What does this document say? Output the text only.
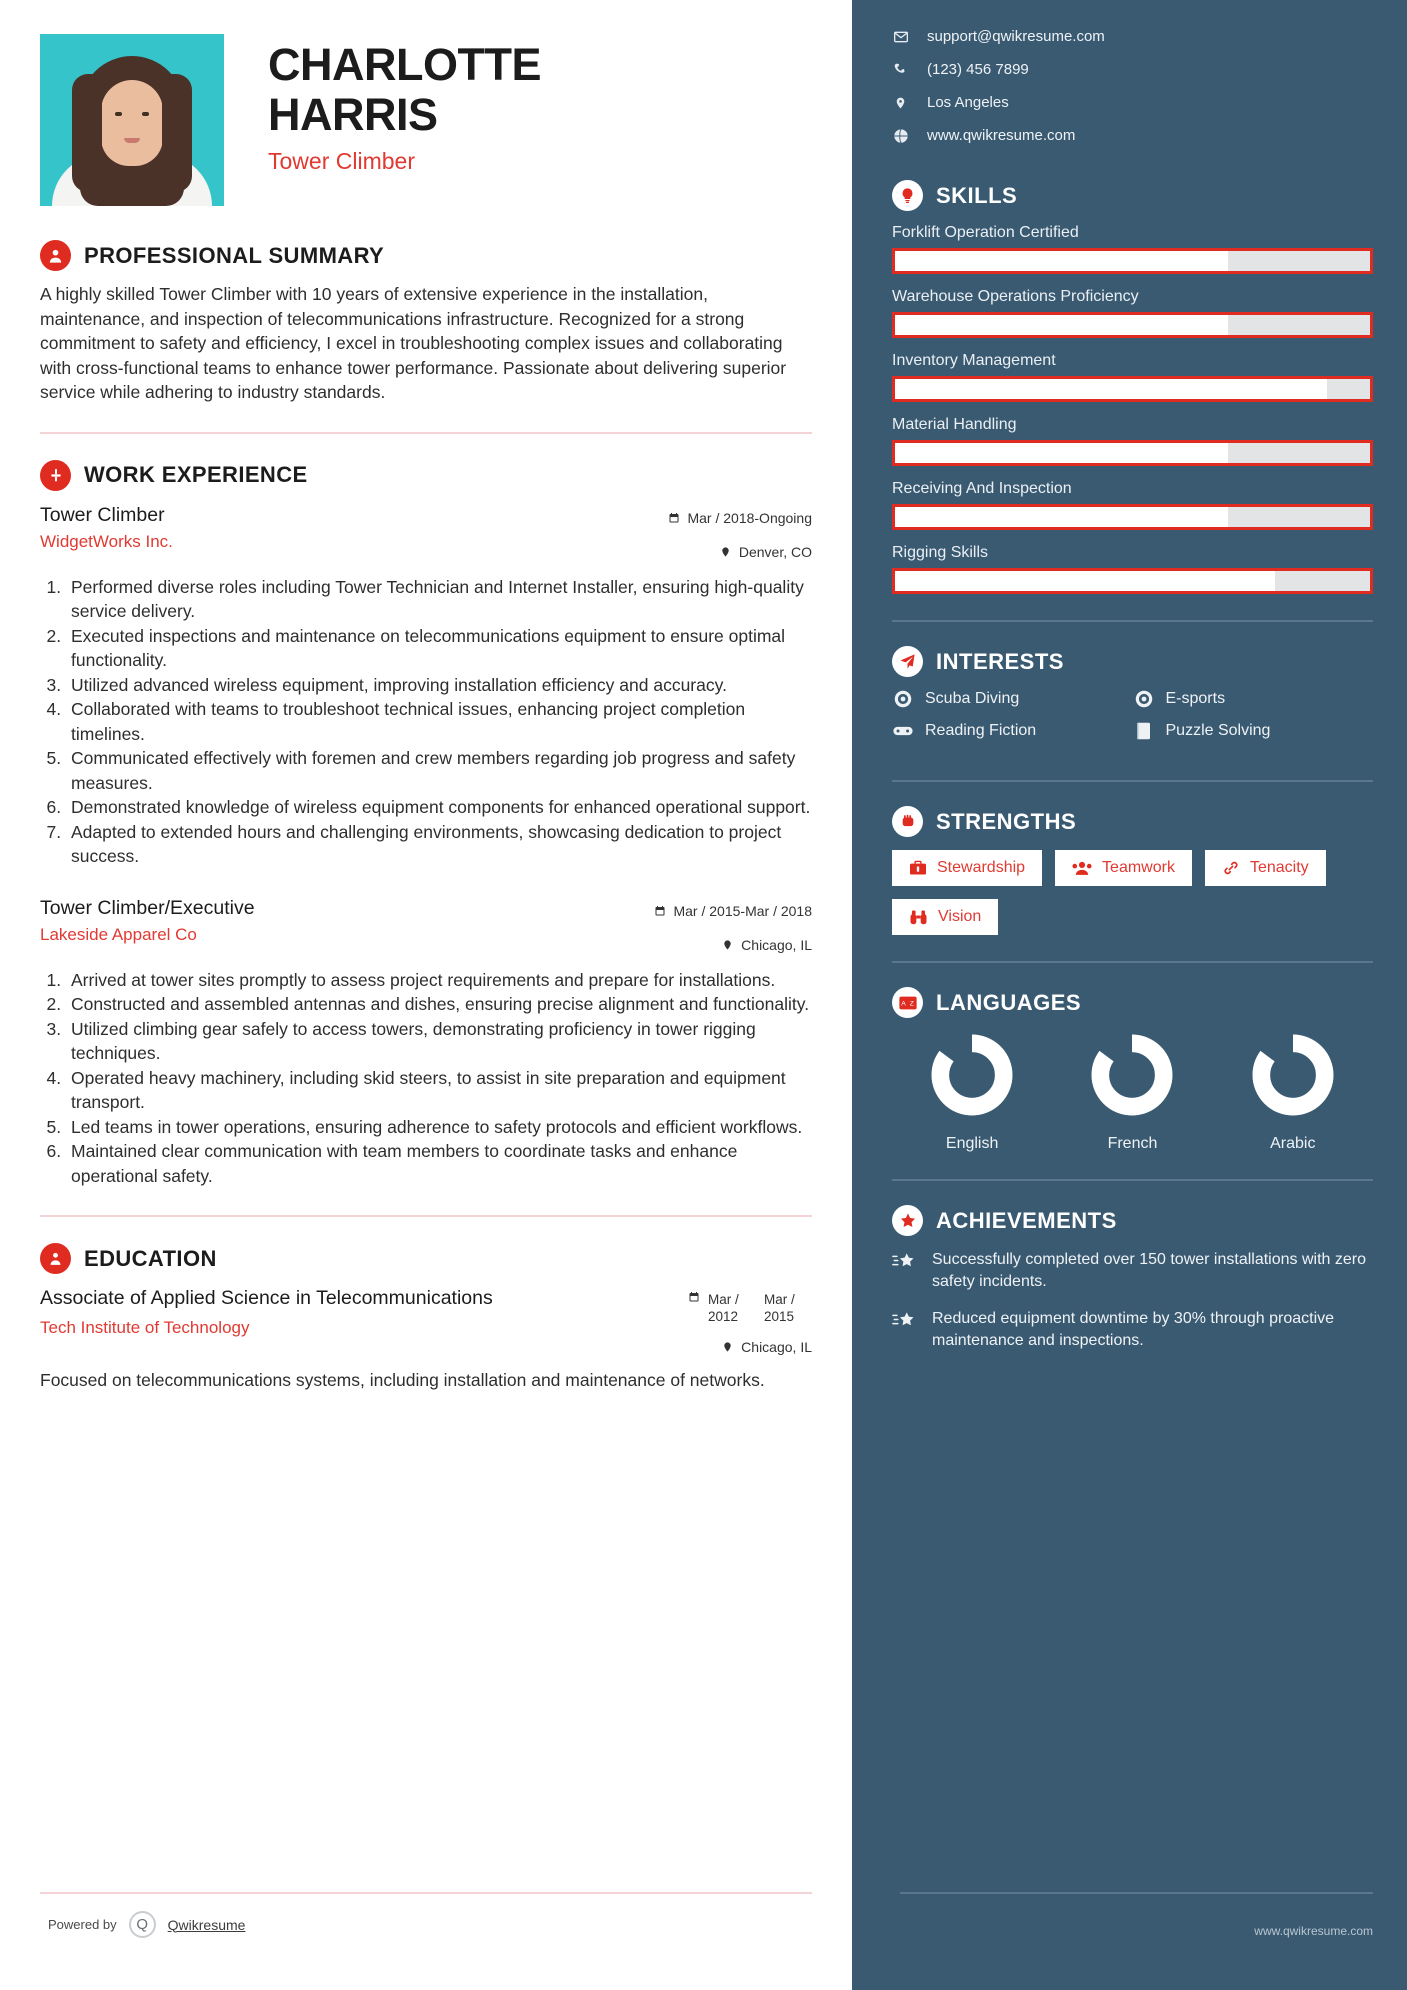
CHARLOTTE
HARRIS
Tower Climber
PROFESSIONAL SUMMARY
A highly skilled Tower Climber with 10 years of extensive experience in the installation, maintenance, and inspection of telecommunications infrastructure. Recognized for a strong commitment to safety and efficiency, I excel in troubleshooting complex issues and collaborating with cross-functional teams to enhance tower performance. Passionate about delivering superior service while adhering to industry standards.
WORK EXPERIENCE
Tower Climber
WidgetWorks Inc.
Mar / 2018-Ongoing
Denver, CO
1. Performed diverse roles including Tower Technician and Internet Installer, ensuring high-quality service delivery.
2. Executed inspections and maintenance on telecommunications equipment to ensure optimal functionality.
3. Utilized advanced wireless equipment, improving installation efficiency and accuracy.
4. Collaborated with teams to troubleshoot technical issues, enhancing project completion timelines.
5. Communicated effectively with foremen and crew members regarding job progress and safety measures.
6. Demonstrated knowledge of wireless equipment components for enhanced operational support.
7. Adapted to extended hours and challenging environments, showcasing dedication to project success.
Tower Climber/Executive
Lakeside Apparel Co
Mar / 2015-Mar / 2018
Chicago, IL
1. Arrived at tower sites promptly to assess project requirements and prepare for installations.
2. Constructed and assembled antennas and dishes, ensuring precise alignment and functionality.
3. Utilized climbing gear safely to access towers, demonstrating proficiency in tower rigging techniques.
4. Operated heavy machinery, including skid steers, to assist in site preparation and equipment transport.
5. Led teams in tower operations, ensuring adherence to safety protocols and efficient workflows.
6. Maintained clear communication with team members to coordinate tasks and enhance operational safety.
EDUCATION
Associate of Applied Science in Telecommunications
Tech Institute of Technology
Mar / 2012
Mar / 2015
Chicago, IL
Focused on telecommunications systems, including installation and maintenance of networks.
Powered by	Q	Qwikresume
support@qwikresume.com
(123) 456 7899
Los Angeles
www.qwikresume.com
SKILLS
Forklift Operation Certified
Warehouse Operations Proficiency
Inventory Management
Material Handling
Receiving And Inspection
Rigging Skills
INTERESTS
Scuba Diving	E-sports
Reading Fiction	Puzzle Solving
STRENGTHS
Stewardship	Teamwork	Tenacity
Vision
A Z LANGUAGES
English	French	Arabic
ACHIEVEMENTS
Successfully completed over 150 tower installations with zero safety incidents.
Reduced equipment downtime by 30% through proactive maintenance and inspections.
www.qwikresume.com
